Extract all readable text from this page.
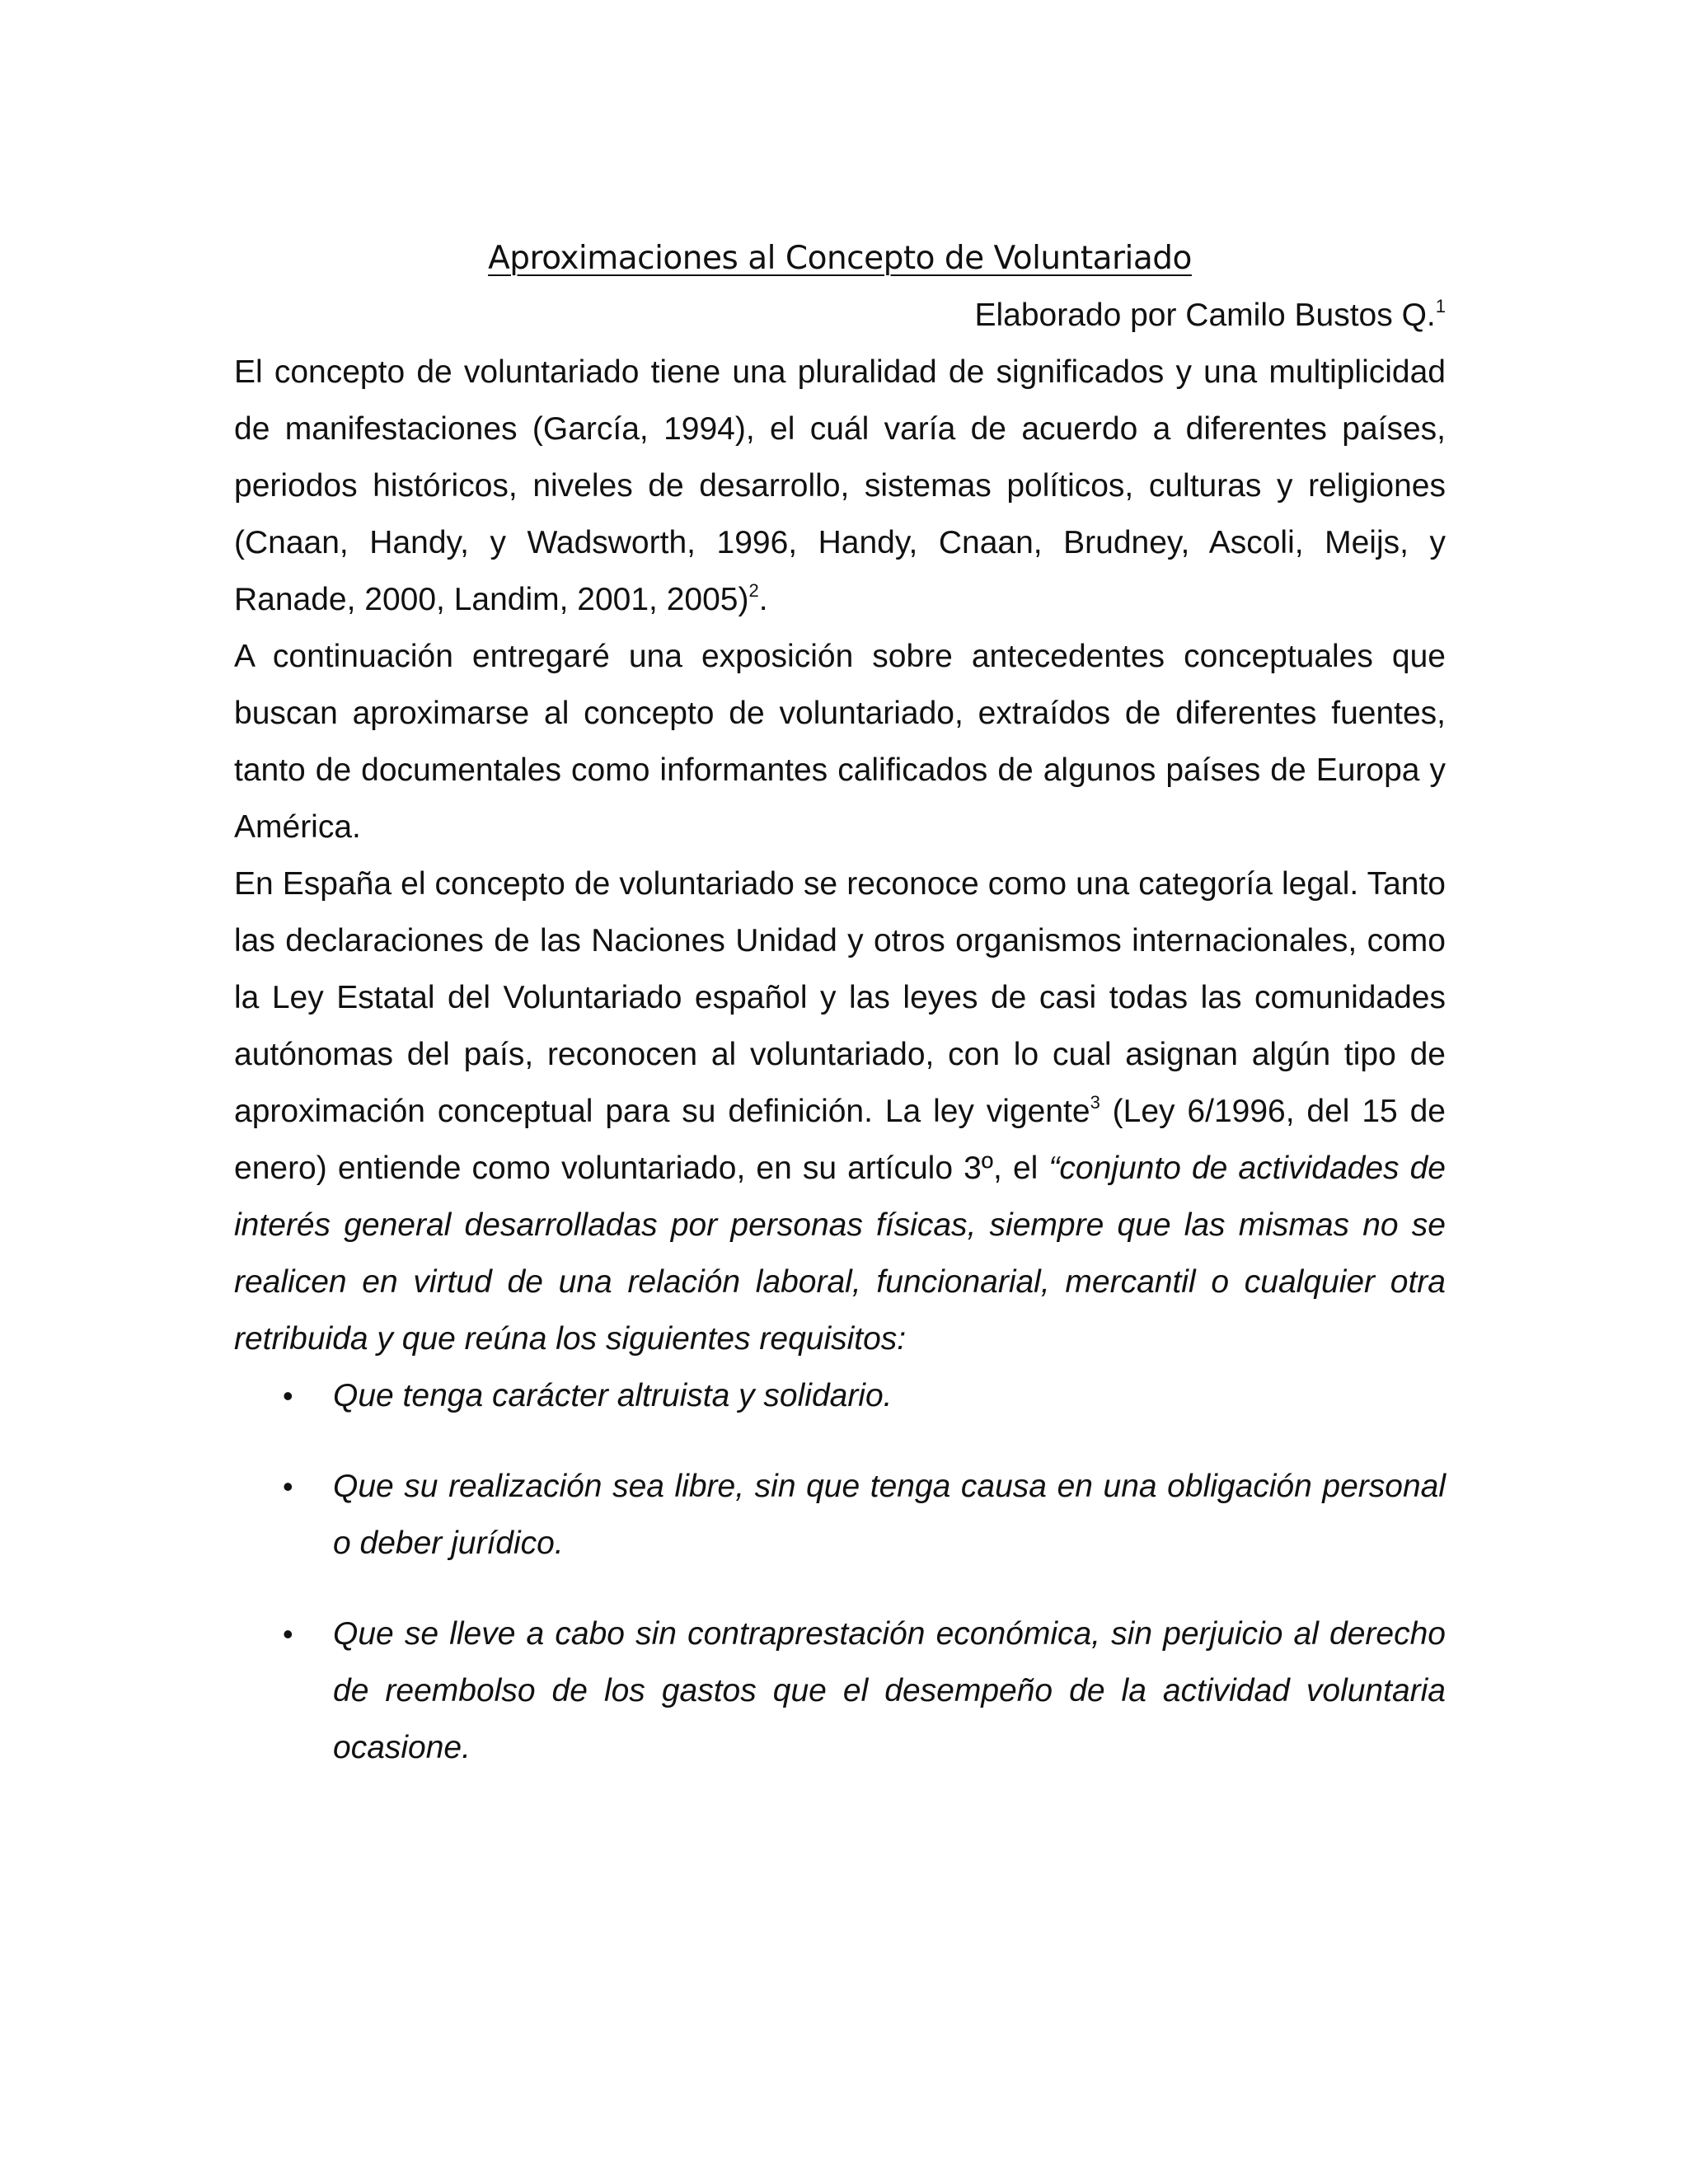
Aproximaciones al Concepto de Voluntariado

Elaborado por Camilo Bustos Q.$^1$

El concepto de voluntariado tiene una pluralidad de significados y una multiplicidad de manifestaciones (García, 1994), el cuál varía de acuerdo a diferentes países, periodos históricos, niveles de desarrollo, sistemas políticos, culturas y religiones (Cnaan, Handy, y Wadsworth, 1996, Handy, Cnaan, Brudney, Ascoli, Meijs, y Ranade, 2000, Landim, 2001, 2005)$^2$.

A continuación entregaré una exposición sobre antecedentes conceptuales que buscan aproximarse al concepto de voluntariado, extraídos de diferentes fuentes, tanto de documentales como informantes calificados de algunos países de Europa y América.

En España el concepto de voluntariado se reconoce como una categoría legal. Tanto las declaraciones de las Naciones Unidad y otros organismos internacionales, como la Ley Estatal del Voluntariado español y las leyes de casi todas las comunidades autónomas del país, reconocen al voluntariado, con lo cual asignan algún tipo de aproximación conceptual para su definición. La ley vigente$^3$ (Ley 6/1996, del 15 de enero) entiende como voluntariado, en su artículo 3º, el “conjunto de actividades de interés general desarrolladas por personas físicas, siempre que las mismas no se realicen en virtud de una relación laboral, funcionarial, mercantil o cualquier otra retribuida y que reúna los siguientes requisitos:

• Que tenga carácter altruista y solidario.
• Que su realización sea libre, sin que tenga causa en una obligación personal o deber jurídico.
• Que se lleve a cabo sin contraprestación económica, sin perjuicio al derecho de reembolso de los gastos que el desempeño de la actividad voluntaria ocasione.
